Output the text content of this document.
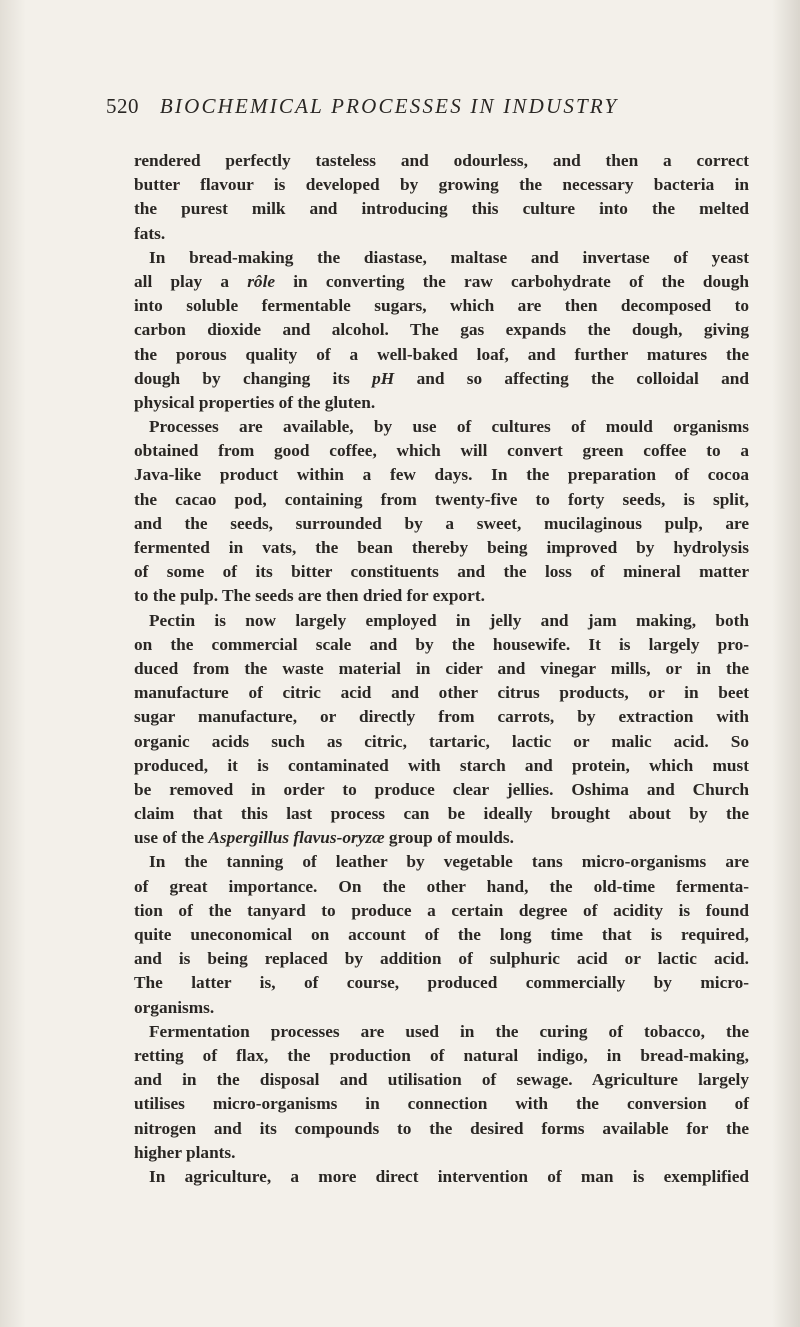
520 BIOCHEMICAL PROCESSES IN INDUSTRY
rendered perfectly tasteless and odourless, and then a correct
butter flavour is developed by growing the necessary bacteria in
the purest milk and introducing this culture into the melted
fats.
In bread-making the diastase, maltase and invertase of yeast
all play a rôle in converting the raw carbohydrate of the dough
into soluble fermentable sugars, which are then decomposed to
carbon dioxide and alcohol. The gas expands the dough, giving
the porous quality of a well-baked loaf, and further matures the
dough by changing its pH and so affecting the colloidal and
physical properties of the gluten.
Processes are available, by use of cultures of mould organisms
obtained from good coffee, which will convert green coffee to a
Java-like product within a few days. In the preparation of cocoa
the cacao pod, containing from twenty-five to forty seeds, is split,
and the seeds, surrounded by a sweet, mucilaginous pulp, are
fermented in vats, the bean thereby being improved by hydrolysis
of some of its bitter constituents and the loss of mineral matter
to the pulp. The seeds are then dried for export.
Pectin is now largely employed in jelly and jam making, both
on the commercial scale and by the housewife. It is largely pro-
duced from the waste material in cider and vinegar mills, or in the
manufacture of citric acid and other citrus products, or in beet
sugar manufacture, or directly from carrots, by extraction with
organic acids such as citric, tartaric, lactic or malic acid. So
produced, it is contaminated with starch and protein, which must
be removed in order to produce clear jellies. Oshima and Church
claim that this last process can be ideally brought about by the
use of the Aspergillus flavus-oryzæ group of moulds.
In the tanning of leather by vegetable tans micro-organisms are
of great importance. On the other hand, the old-time fermenta-
tion of the tanyard to produce a certain degree of acidity is found
quite uneconomical on account of the long time that is required,
and is being replaced by addition of sulphuric acid or lactic acid.
The latter is, of course, produced commercially by micro-
organisms.
Fermentation processes are used in the curing of tobacco, the
retting of flax, the production of natural indigo, in bread-making,
and in the disposal and utilisation of sewage. Agriculture largely
utilises micro-organisms in connection with the conversion of
nitrogen and its compounds to the desired forms available for the
higher plants.
In agriculture, a more direct intervention of man is exemplified
